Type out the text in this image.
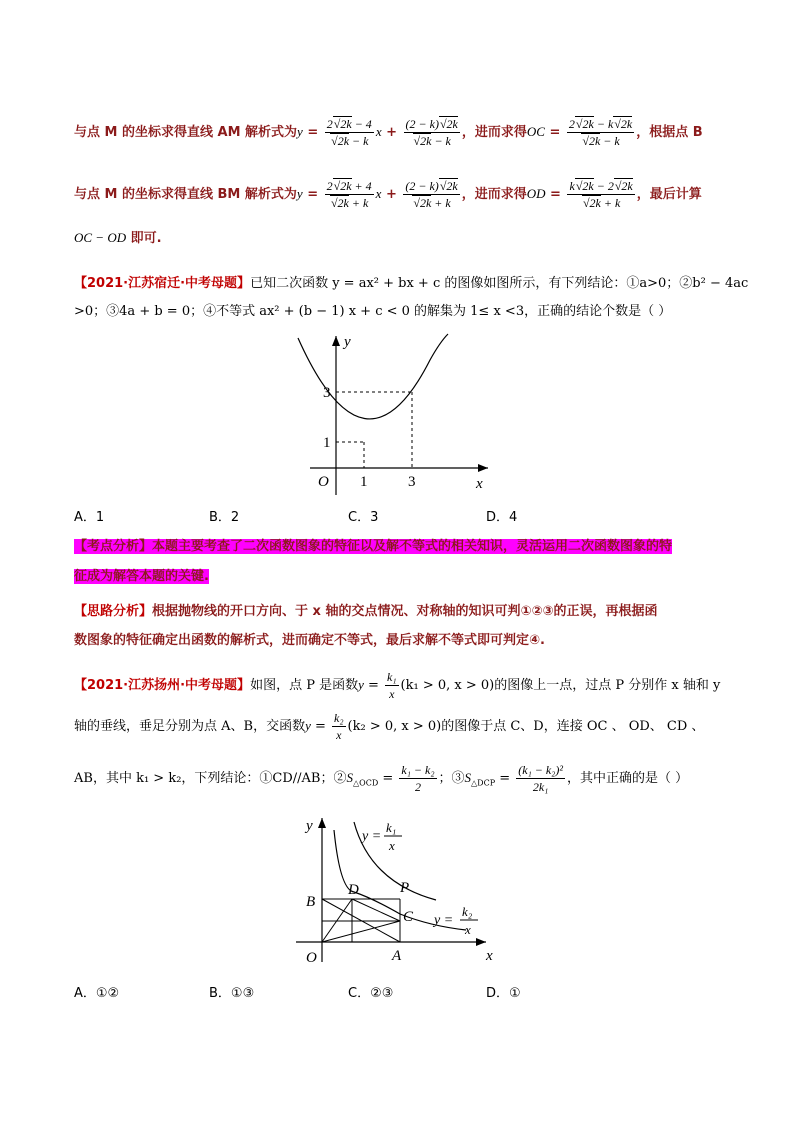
与点 M 的坐标求得直线 AM 解析式为$y = \frac{2√2k - 4}{√2k - k}$ $x + \frac{(2 - k)√2k}{√2k - k}$ ，进而求得OC = $\frac{2√2k - k√2k}{√2k - k}$ ，根据点 B
与点 M 的坐标求得直线 BM 解析式为$y = \frac{2√2k + 4}{√2k + k}$ $x + \frac{(2 - k)√2k}{√2k + k}$ ，进而求得OD = $\frac{k√2k - 2√2k}{√2k + k}$ ，最后计算
OC − OD 即可.
【2021·江苏宿迁·中考母题】已知二次函数 y = ax² + bx + c 的图像如图所示，有下列结论：①a>0；②b² − 4ac
>0；③4a + b = 0；④不等式 ax² + (b − 1) x + c < 0 的解集为 1≤ x <3，正确的结论个数是（ ）
y
x
O
1
3
1	3
A．1	B．2	C．3	D．4
【考点分析】本题主要考查了二次函数图象的特征以及解不等式的相关知识，灵活运用二次函数图象的特
征成为解答本题的关键.
【思路分析】根据抛物线的开口方向、于 x 轴的交点情况、对称轴的知识可判①②③的正误，再根据函
数图象的特征确定出函数的解析式，进而确定不等式，最后求解不等式即可判定④.
【2021·江苏扬州·中考母题】如图，点 P 是函数$y = \frac{\text{k₁}}{x} (k_1 > 0$, x > 0)的图像上一点，过点 P 分别作 x 轴和 y
轴的垂线，垂足分别为点 A、B，交函数$y = \frac{\text{k₂}}{x} (k_2 > 0$, x > 0)的图像于点 C、D，连接 OC 、 OD、 CD 、
AB，其中 k₁ > k₂，下列结论：①CD//AB；$②S_{\triangle OCD} = \frac{\text{k₁ − k₂}}{2}$ ；$③S_{\triangle DCP} = \frac{\text{(k₁ − k₂)²}}{\text{2k₁}}$ ，其中正确的是（ ）
y
x
O	A
B
C
D	P
y =
k₁
x
y =
k₂
x
A．①②	B．①③	C．②③	D．①
